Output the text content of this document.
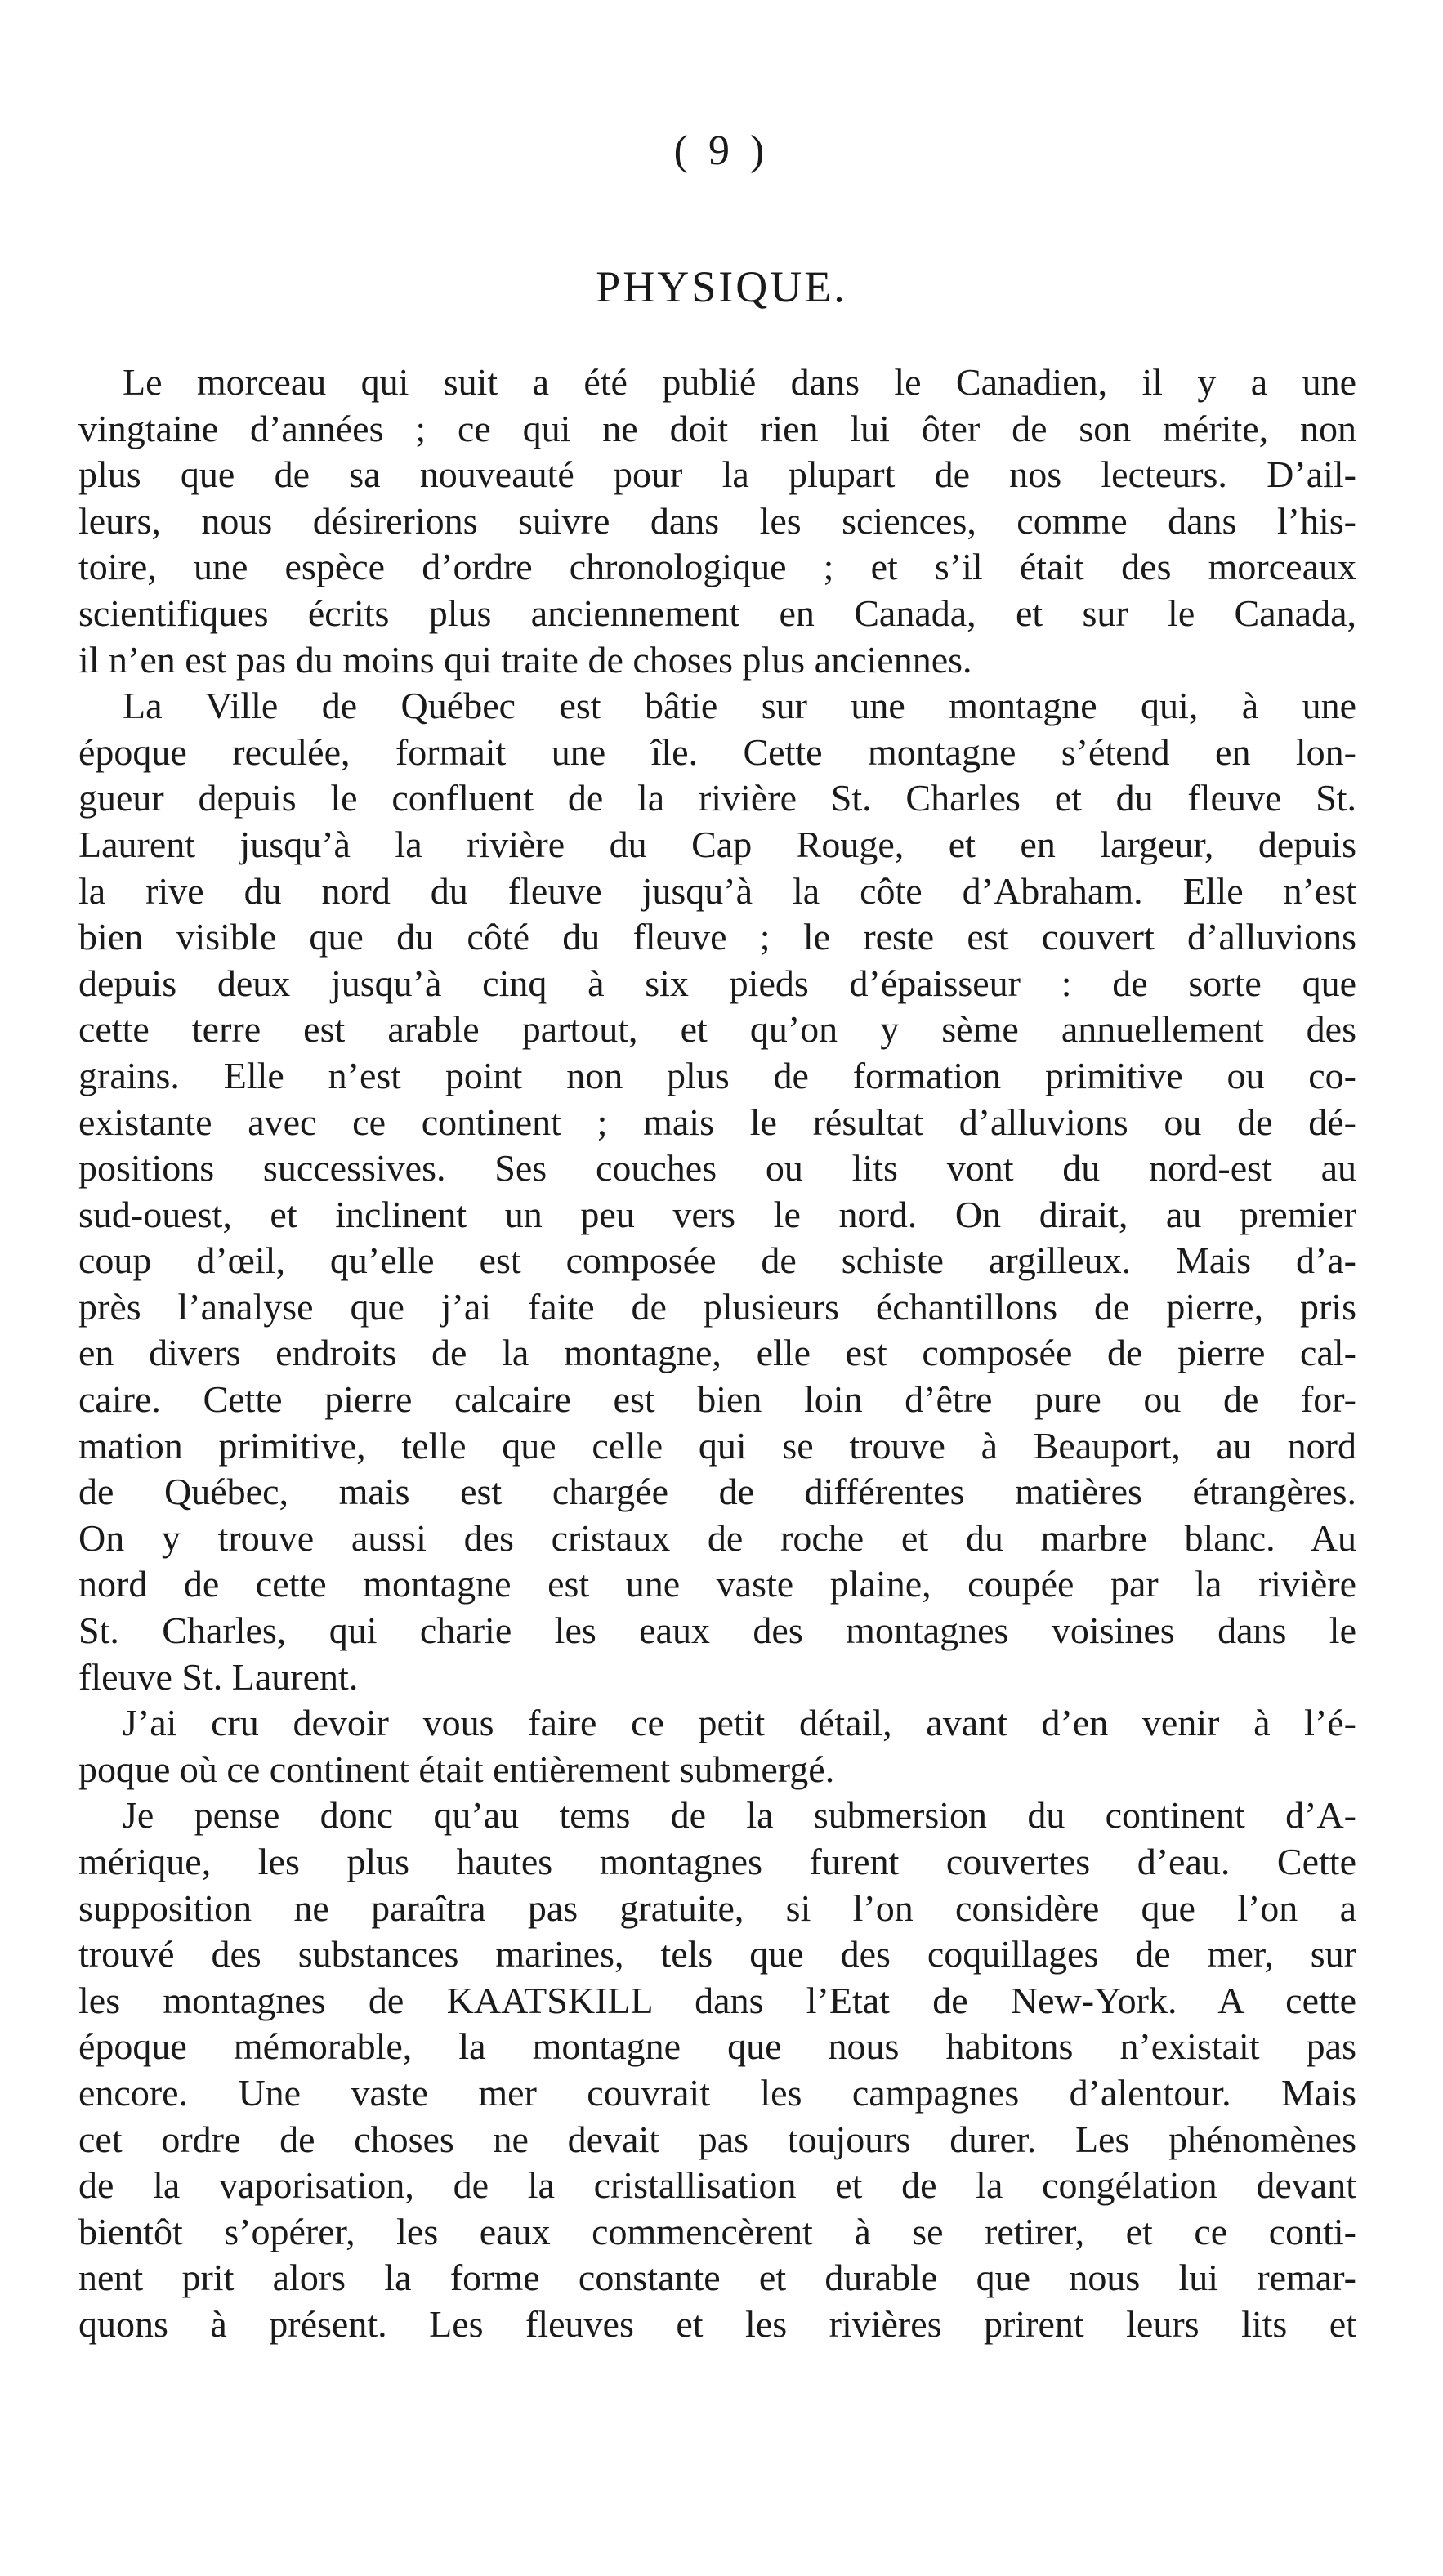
( 9 )
PHYSIQUE.
Le morceau qui suit a été publié dans le Canadien, il y a une
vingtaine d’années ; ce qui ne doit rien lui ôter de son mérite, non
plus que de sa nouveauté pour la plupart de nos lecteurs. D’ail-
leurs, nous désirerions suivre dans les sciences, comme dans l’his-
toire, une espèce d’ordre chronologique ; et s’il était des morceaux
scientifiques écrits plus anciennement en Canada, et sur le Canada,
il n’en est pas du moins qui traite de choses plus anciennes.
La Ville de Québec est bâtie sur une montagne qui, à une
époque reculée, formait une île. Cette montagne s’étend en lon-
gueur depuis le confluent de la rivière St. Charles et du fleuve St.
Laurent jusqu’à la rivière du Cap Rouge, et en largeur, depuis
la rive du nord du fleuve jusqu’à la côte d’Abraham. Elle n’est
bien visible que du côté du fleuve ; le reste est couvert d’alluvions
depuis deux jusqu’à cinq à six pieds d’épaisseur : de sorte que
cette terre est arable partout, et qu’on y sème annuellement des
grains. Elle n’est point non plus de formation primitive ou co-
existante avec ce continent ; mais le résultat d’alluvions ou de dé-
positions successives. Ses couches ou lits vont du nord-est au
sud-ouest, et inclinent un peu vers le nord. On dirait, au premier
coup d’œil, qu’elle est composée de schiste argilleux. Mais d’a-
près l’analyse que j’ai faite de plusieurs échantillons de pierre, pris
en divers endroits de la montagne, elle est composée de pierre cal-
caire. Cette pierre calcaire est bien loin d’être pure ou de for-
mation primitive, telle que celle qui se trouve à Beauport, au nord
de Québec, mais est chargée de différentes matières étrangères.
On y trouve aussi des cristaux de roche et du marbre blanc. Au
nord de cette montagne est une vaste plaine, coupée par la rivière
St. Charles, qui charie les eaux des montagnes voisines dans le
fleuve St. Laurent.
J’ai cru devoir vous faire ce petit détail, avant d’en venir à l’é-
poque où ce continent était entièrement submergé.
Je pense donc qu’au tems de la submersion du continent d’A-
mérique, les plus hautes montagnes furent couvertes d’eau. Cette
supposition ne paraîtra pas gratuite, si l’on considère que l’on a
trouvé des substances marines, tels que des coquillages de mer, sur
les montagnes de KAATSKILL dans l’Etat de New-York. A cette
époque mémorable, la montagne que nous habitons n’existait pas
encore. Une vaste mer couvrait les campagnes d’alentour. Mais
cet ordre de choses ne devait pas toujours durer. Les phénomènes
de la vaporisation, de la cristallisation et de la congélation devant
bientôt s’opérer, les eaux commencèrent à se retirer, et ce conti-
nent prit alors la forme constante et durable que nous lui remar-
quons à présent. Les fleuves et les rivières prirent leurs lits et
